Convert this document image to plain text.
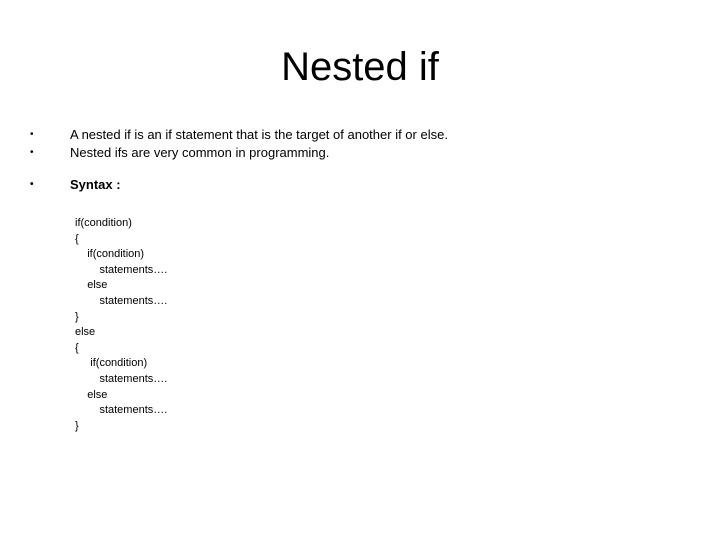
Nested if
•	A nested if is an if statement that is the target of another if or else.
•	Nested ifs are very common in programming.
•	Syntax :
if(condition)
{
if(condition)
statements….
else
statements….
}
else
{
if(condition)
statements….
else
statements….
}
